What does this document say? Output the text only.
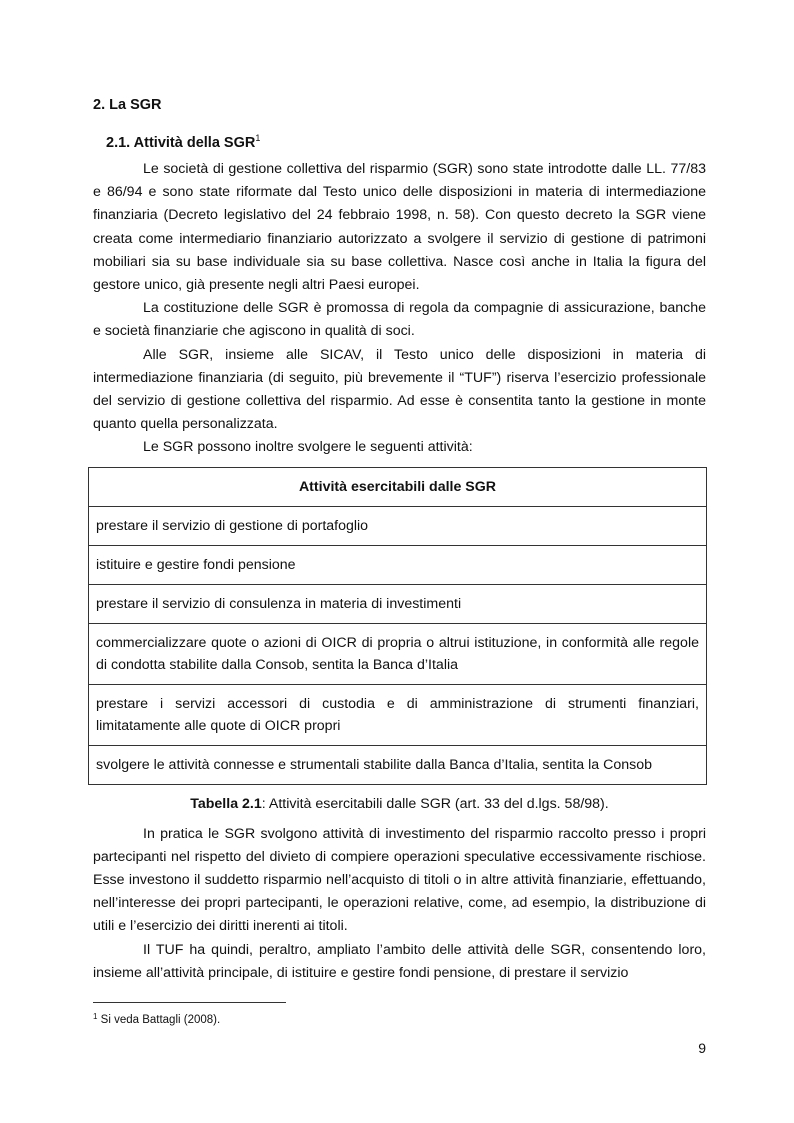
2. La SGR
2.1. Attività della SGR$^1$

Le società di gestione collettiva del risparmio (SGR) sono state introdotte dalle LL. 77/83 e 86/94 e sono state riformate dal Testo unico delle disposizioni in materia di intermediazione finanziaria (Decreto legislativo del 24 febbraio 1998, n. 58). Con questo decreto la SGR viene creata come intermediario finanziario autorizzato a svolgere il servizio di gestione di patrimoni mobiliari sia su base individuale sia su base collettiva. Nasce così anche in Italia la figura del gestore unico, già presente negli altri Paesi europei.

La costituzione delle SGR è promossa di regola da compagnie di assicurazione, banche e società finanziarie che agiscono in qualità di soci.

Alle SGR, insieme alle SICAV, il Testo unico delle disposizioni in materia di intermediazione finanziaria (di seguito, più brevemente il “TUF”) riserva l’esercizio professionale del servizio di gestione collettiva del risparmio. Ad esse è consentita tanto la gestione in monte quanto quella personalizzata.

Le SGR possono inoltre svolgere le seguenti attività:

Attività esercitabili dalle SGR
prestare il servizio di gestione di portafoglio
istituire e gestire fondi pensione
prestare il servizio di consulenza in materia di investimenti
commercializzare quote o azioni di OICR di propria o altrui istituzione, in conformità alle regole di condotta stabilite dalla Consob, sentita la Banca d’Italia
prestare i servizi accessori di custodia e di amministrazione di strumenti finanziari, limitatamente alle quote di OICR propri
svolgere le attività connesse e strumentali stabilite dalla Banca d’Italia, sentita la Consob
Tabella 2.1: Attività esercitabili dalle SGR (art. 33 del d.lgs. 58/98).

In pratica le SGR svolgono attività di investimento del risparmio raccolto presso i propri partecipanti nel rispetto del divieto di compiere operazioni speculative eccessivamente rischiose. Esse investono il suddetto risparmio nell’acquisto di titoli o in altre attività finanziarie, effettuando, nell’interesse dei propri partecipanti, le operazioni relative, come, ad esempio, la distribuzione di utili e l’esercizio dei diritti inerenti ai titoli.

Il TUF ha quindi, peraltro, ampliato l’ambito delle attività delle SGR, consentendo loro, insieme all’attività principale, di istituire e gestire fondi pensione, di prestare il servizio

$^1$ Si veda Battagli (2008).
9
